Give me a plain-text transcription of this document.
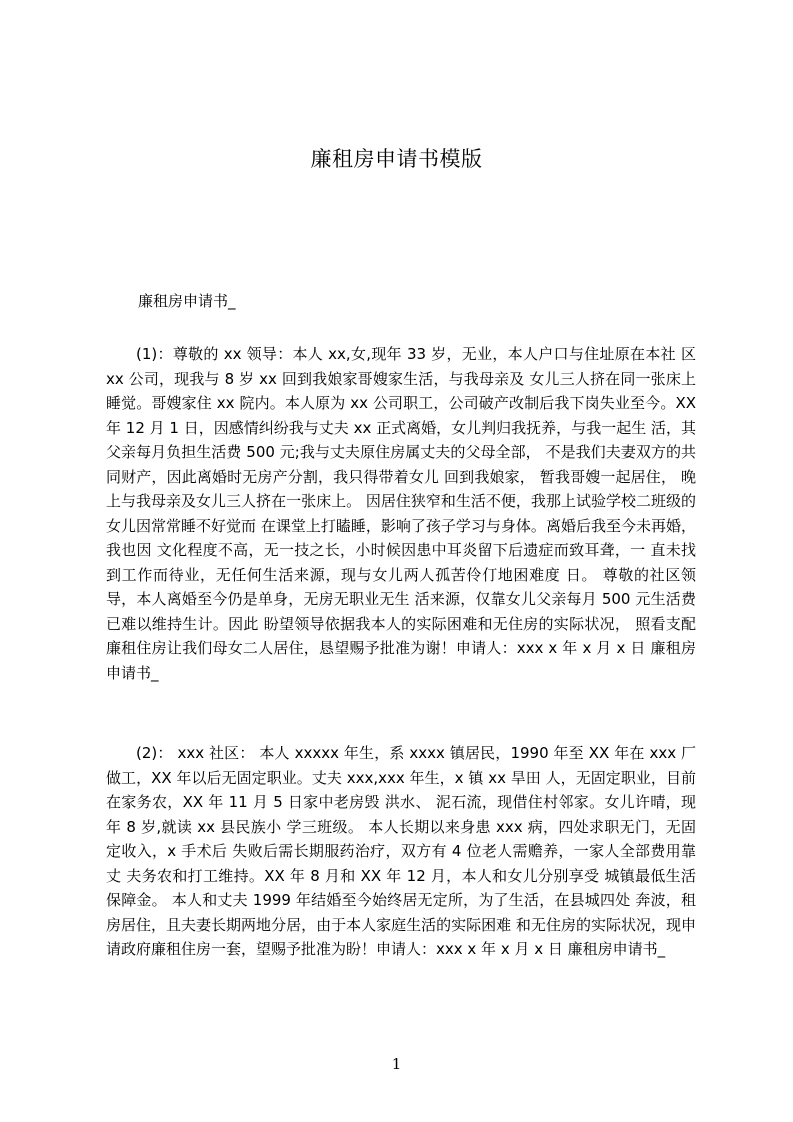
廉租房申请书模版

廉租房申请书_

(1)：尊敬的 xx 领导：本人 xx,女,现年 33 岁，无业，本人户口与住址原在本社 区 xx 公司，现我与 8 岁 xx 回到我娘家哥嫂家生活，与我母亲及 女儿三人挤在同一张床上睡觉。哥嫂家住 xx 院内。本人原为 xx 公司职工，公司破产改制后我下岗失业至今。XX 年 12 月 1 日，因感情纠纷我与丈夫 xx 正式离婚，女儿判归我抚养，与我一起生 活，其父亲每月负担生活费 500 元;我与丈夫原住房属丈夫的父母全部， 不是我们夫妻双方的共同财产，因此离婚时无房产分割，我只得带着女儿 回到我娘家， 暂我哥嫂一起居住， 晚上与我母亲及女儿三人挤在一张床上。 因居住狭窄和生活不便，我那上试验学校二班级的女儿因常常睡不好觉而 在课堂上打瞌睡，影响了孩子学习与身体。离婚后我至今未再婚，我也因 文化程度不高，无一技之长，小时候因患中耳炎留下后遗症而致耳聋，一 直未找到工作而待业，无任何生活来源，现与女儿两人孤苦伶仃地困难度 日。 尊敬的社区领导，本人离婚至今仍是单身，无房无职业无生 活来源，仅靠女儿父亲每月 500 元生活费已难以维持生计。因此 盼望领导依据我本人的实际困难和无住房的实际状况， 照看支配 廉租住房让我们母女二人居住，恳望赐予批准为谢！申请人：xxx x 年 x 月 x 日 廉租房申请书_

(2)： xxx 社区： 本人 xxxxx 年生，系 xxxx 镇居民，1990 年至 XX 年在 xxx 厂做工，XX 年以后无固定职业。丈夫 xxx,xxx 年生，x 镇 xx 旱田 人，无固定职业，目前在家务农，XX 年 11 月 5 日家中老房毁 洪水、 泥石流，现借住村邻家。女儿许晴，现年 8 岁,就读 xx 县民族小 学三班级。 本人长期以来身患 xxx 病，四处求职无门，无固定收入，x 手术后 失败后需长期服药治疗，双方有 4 位老人需赡养，一家人全部费用靠丈 夫务农和打工维持。XX 年 8 月和 XX 年 12 月，本人和女儿分别享受 城镇最低生活保障金。 本人和丈夫 1999 年结婚至今始终居无定所，为了生活，在县城四处 奔波，租房居住，且夫妻长期两地分居，由于本人家庭生活的实际困难 和无住房的实际状况，现申请政府廉租住房一套，望赐予批准为盼！申请人：xxx x 年 x 月 x 日 廉租房申请书_

1
